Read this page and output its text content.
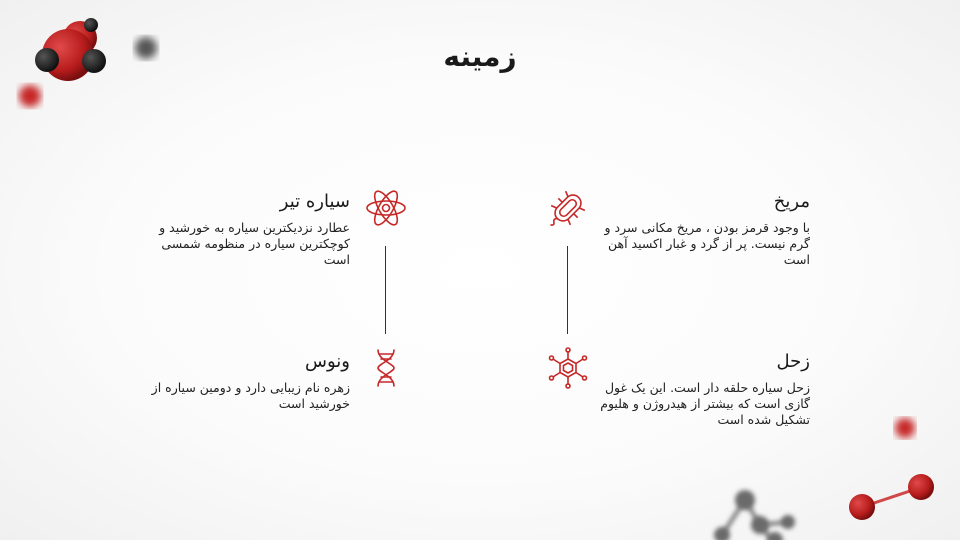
زمینه
مریخ

با وجود قرمز بودن ، مریخ مکانی سرد و گرم نیست. پر از گرد و غبار اکسید آهن است

سیاره تیر

عطارد نزدیکترین سیاره به خورشید و کوچکترین سیاره در منظومه شمسی است

زحل

زحل سیاره حلقه دار است. این یک غول گازی است که بیشتر از هیدروژن و هلیوم تشکیل شده است

ونوس

زهره نام زیبایی دارد و دومین سیاره از خورشید است
